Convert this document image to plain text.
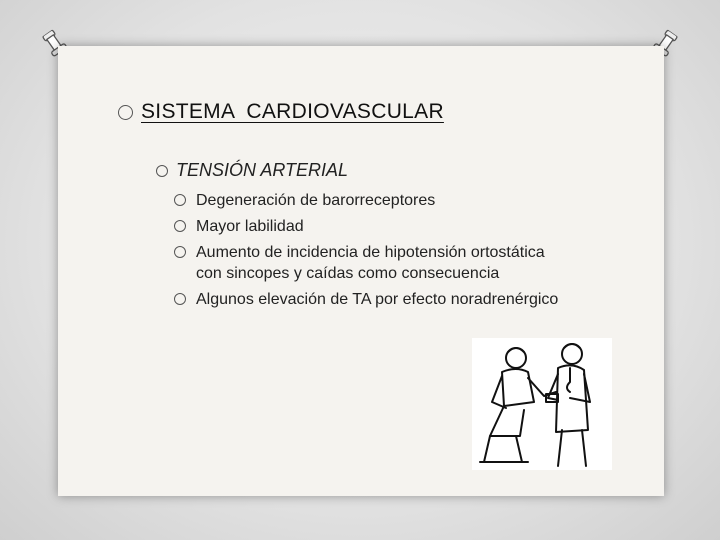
SISTEMA  CARDIOVASCULAR
TENSIÓN ARTERIAL
Degeneración de barorreceptores
Mayor labilidad
Aumento de incidencia de hipotensión ortostática con sincopes y caídas como consecuencia
Algunos elevación de TA por efecto noradrenérgico
